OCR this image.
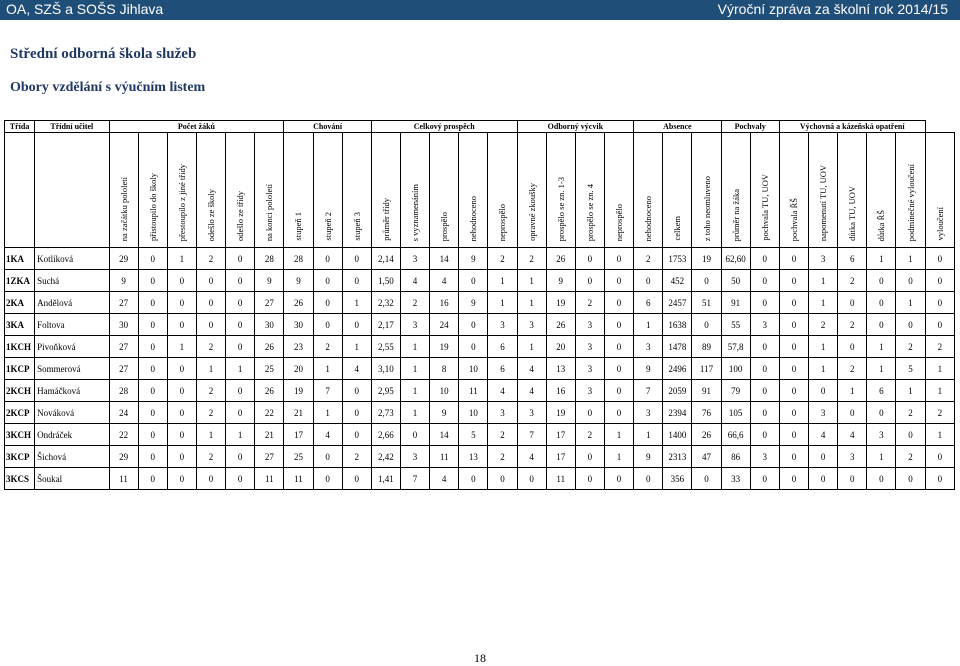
OA, SZŠ a SOŠS Jihlava	Výroční zpráva za školní rok 2014/15
Střední odborná škola služeb
Obory vzdělání s výučním listem
Třída	Třídní učitel	Počet žáků						Chování			Celkový prospěch					Odborný výcvik				Absence			Pochvaly		Výchovná a kázeňská opatření					
		na začátku pololetí	přistoupilo do školy	přestoupilo z jiné třídy	odešlo ze školy	odešlo ze třídy	na konci pololetí	stupeň 1	stupeň 2	stupeň 3	průměr třídy	s vyznamenáním	prospělo	nehodnoceno	neprospělo	opravné zkoušky	prospělo se zn. 1-3	prospělo se zn. 4	neprospělo	nehodnoceno	celkem	z toho neomluveno	průměr na žáka	pochvala TU, UOV	pochvala ŘŠ	napomenutí TU, UOV	důtka TU, UOV	důtka ŘŠ	podmínečné vyloučení	vyloučení
1KA	Kotlíková	29	0	1	2	0	28	28	0	0	2,14	3	14	9	2	2	26	0	0	2	1753	19	62,60	0	0	3	6	1	1	0
1ZKA	Suchá	9	0	0	0	0	9	9	0	0	1,50	4	4	0	1	1	9	0	0	0	452	0	50	0	0	1	2	0	0	0
2KA	Andělová	27	0	0	0	0	27	26	0	1	2,32	2	16	9	1	1	19	2	0	6	2457	51	91	0	0	1	0	0	1	0
3KA	Foltova	30	0	0	0	0	30	30	0	0	2,17	3	24	0	3	3	26	3	0	1	1638	0	55	3	0	2	2	0	0	0
1KCH	Pivoňková	27	0	1	2	0	26	23	2	1	2,55	1	19	0	6	1	20	3	0	3	1478	89	57,8	0	0	1	0	1	2	2
1KCP	Sommerová	27	0	0	1	1	25	20	1	4	3,10	1	8	10	6	4	13	3	0	9	2496	117	100	0	0	1	2	1	5	1
2KCH	Hamáčková	28	0	0	2	0	26	19	7	0	2,95	1	10	11	4	4	16	3	0	7	2059	91	79	0	0	0	1	6	1	1
2KCP	Nováková	24	0	0	2	0	22	21	1	0	2,73	1	9	10	3	3	19	0	0	3	2394	76	105	0	0	3	0	0	2	2
3KCH	Ondráček	22	0	0	1	1	21	17	4	0	2,66	0	14	5	2	7	17	2	1	1	1400	26	66,6	0	0	4	4	3	0	1
3KCP	Šichová	29	0	0	2	0	27	25	0	2	2,42	3	11	13	2	4	17	0	1	9	2313	47	86	3	0	0	3	1	2	0
3KCS	Šoukal	11	0	0	0	0	11	11	0	0	1,41	7	4	0	0	0	11	0	0	0	356	0	33	0	0	0	0	0	0	0
18
